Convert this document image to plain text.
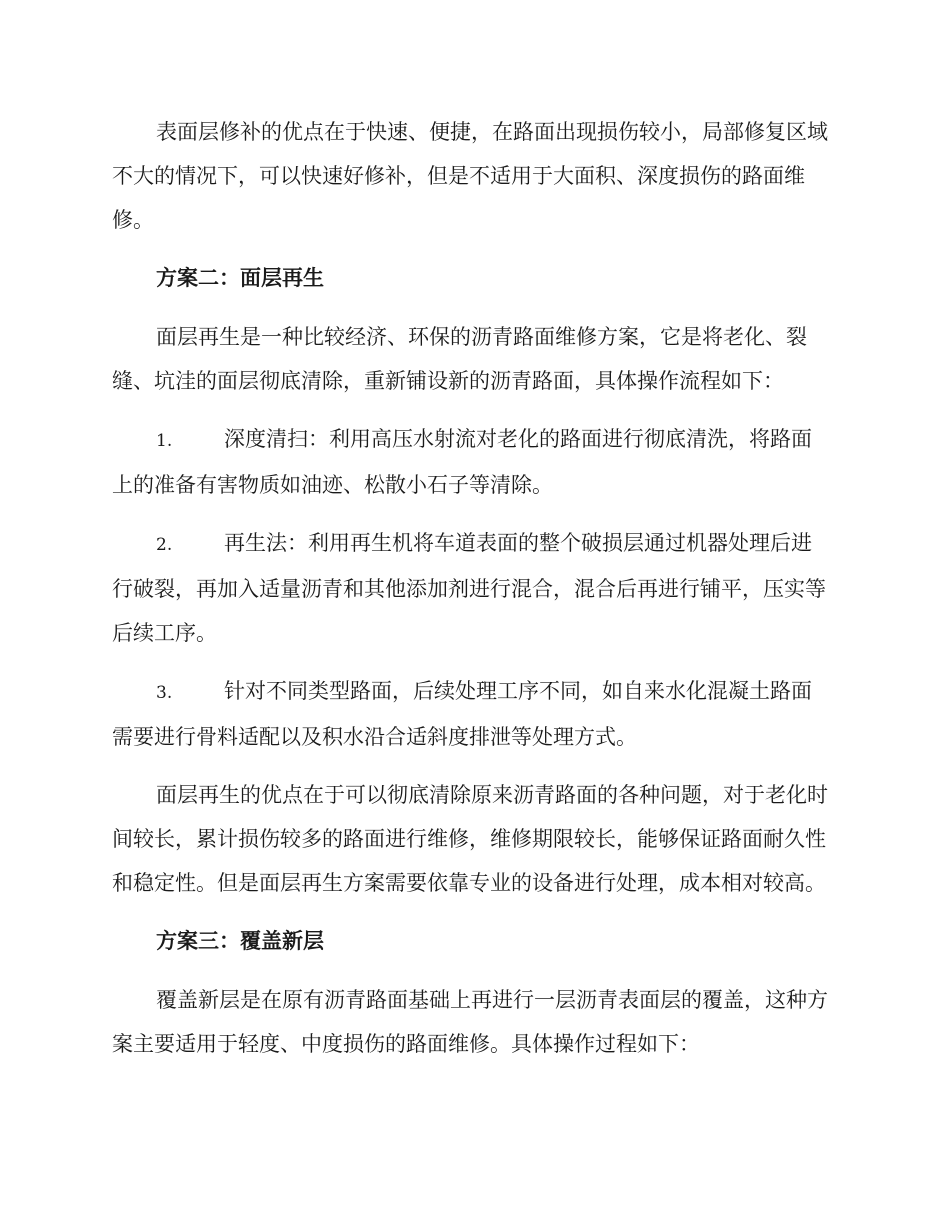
表面层修补的优点在于快速、便捷，在路面出现损伤较小，局部修复区域不大的情况下，可以快速好修补，但是不适用于大面积、深度损伤的路面维修。

方案二：面层再生

面层再生是一种比较经济、环保的沥青路面维修方案，它是将老化、裂缝、坑洼的面层彻底清除，重新铺设新的沥青路面，具体操作流程如下：

1. 深度清扫：利用高压水射流对老化的路面进行彻底清洗，将路面上的准备有害物质如油迹、松散小石子等清除。

2. 再生法：利用再生机将车道表面的整个破损层通过机器处理后进行破裂，再加入适量沥青和其他添加剂进行混合，混合后再进行铺平，压实等后续工序。

3. 针对不同类型路面，后续处理工序不同，如自来水化混凝土路面需要进行骨料适配以及积水沿合适斜度排泄等处理方式。

面层再生的优点在于可以彻底清除原来沥青路面的各种问题，对于老化时间较长，累计损伤较多的路面进行维修，维修期限较长，能够保证路面耐久性和稳定性。但是面层再生方案需要依靠专业的设备进行处理，成本相对较高。

方案三：覆盖新层

覆盖新层是在原有沥青路面基础上再进行一层沥青表面层的覆盖，这种方案主要适用于轻度、中度损伤的路面维修。具体操作过程如下：
